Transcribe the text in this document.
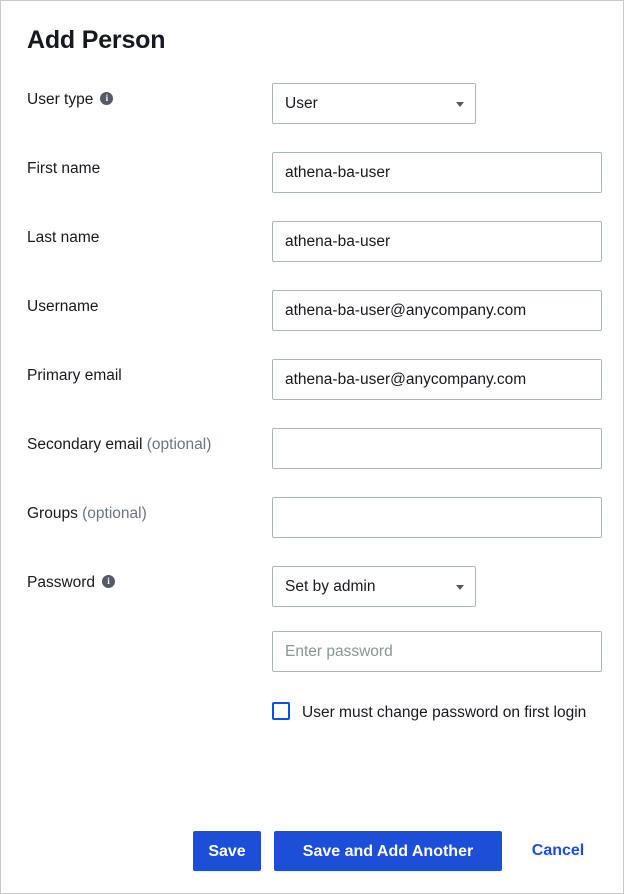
Add Person
User type i	User
First name	athena-ba-user
Last name	athena-ba-user
Username	athena-ba-user@anycompany.com
Primary email	athena-ba-user@anycompany.com
Secondary email (optional)
Groups (optional)
Password i	Set by admin
Enter password
User must change password on first login
Save	Save and Add Another	Cancel
